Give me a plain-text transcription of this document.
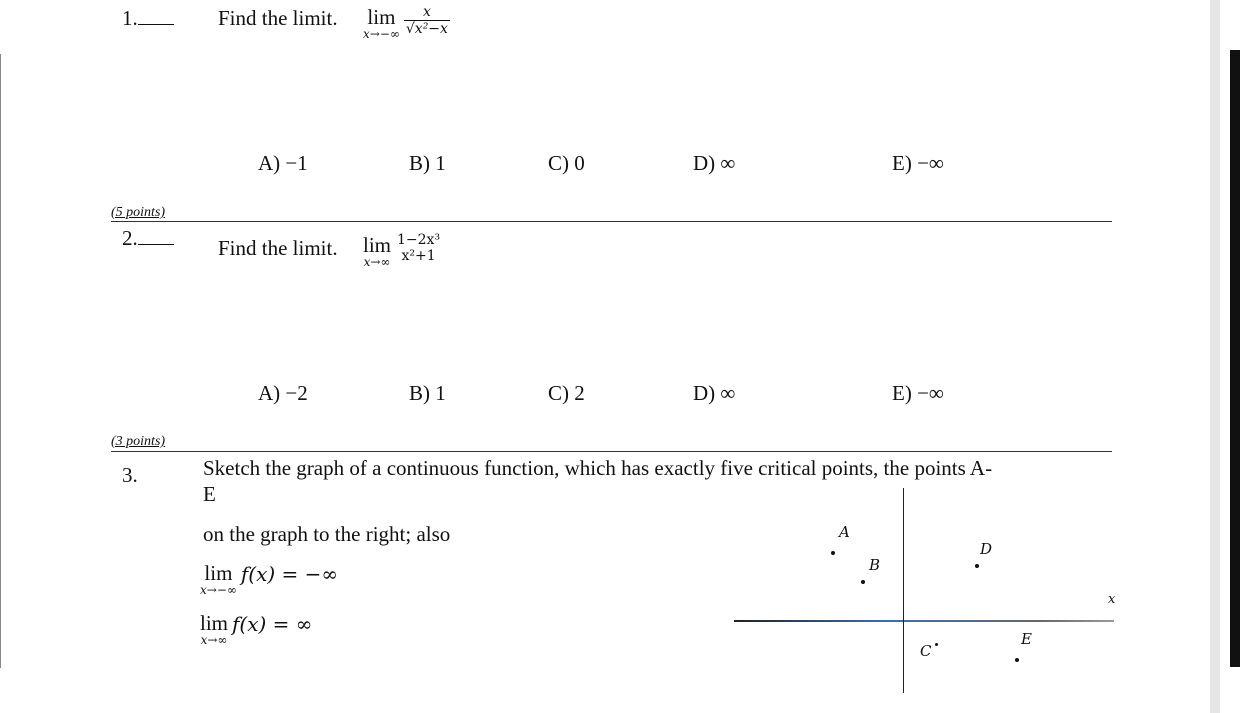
1.	Find the limit. lim
x→−∞
$\frac{x}{\text{√x²−x}}$
A) −1	B) 1	C) 0	D) ∞	E) −∞
(5 points)
2.	Find the limit. lim
x→∞

1−2x³
x²+1
A) −2	B) 1	C) 2	D) ∞	E) −∞
(3 points)
3.	Sketch the graph of a continuous function, which has exactly five critical points, the points A-
E
on the graph to the right; also
lim
x→−∞
f(x) = −∞
lim
x→∞
f(x) = ∞
x
A
B
C
D
E
